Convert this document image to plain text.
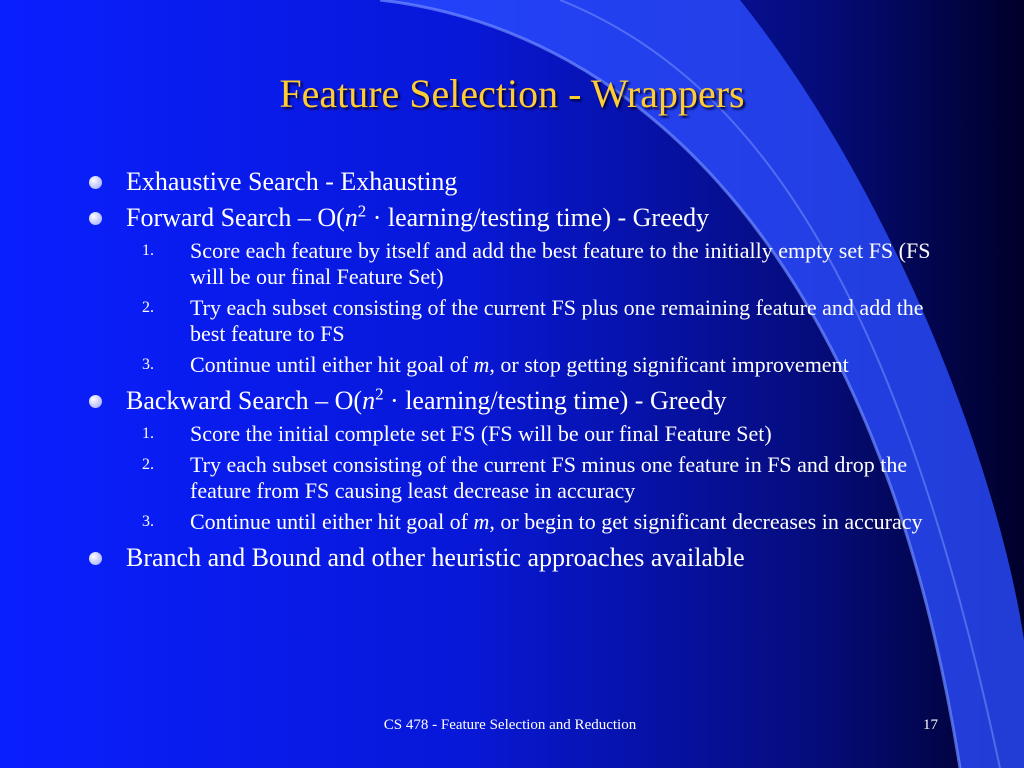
Feature Selection - Wrappers
Exhaustive Search - Exhausting
Forward Search – $O(n^2$ · learning/testing time) - Greedy
1. Score each feature by itself and add the best feature to the initially empty set FS (FS will be our final Feature Set)
2. Try each subset consisting of the current FS plus one remaining feature and add the best feature to FS
3. Continue until either hit goal of m, or stop getting significant improvement
Backward Search – $O(n^2$ · learning/testing time) - Greedy
1. Score the initial complete set FS (FS will be our final Feature Set)
2. Try each subset consisting of the current FS minus one feature in FS and drop the feature from FS causing least decrease in accuracy
3. Continue until either hit goal of m, or begin to get significant decreases in accuracy
Branch and Bound and other heuristic approaches available
CS 478 - Feature Selection and Reduction	17
